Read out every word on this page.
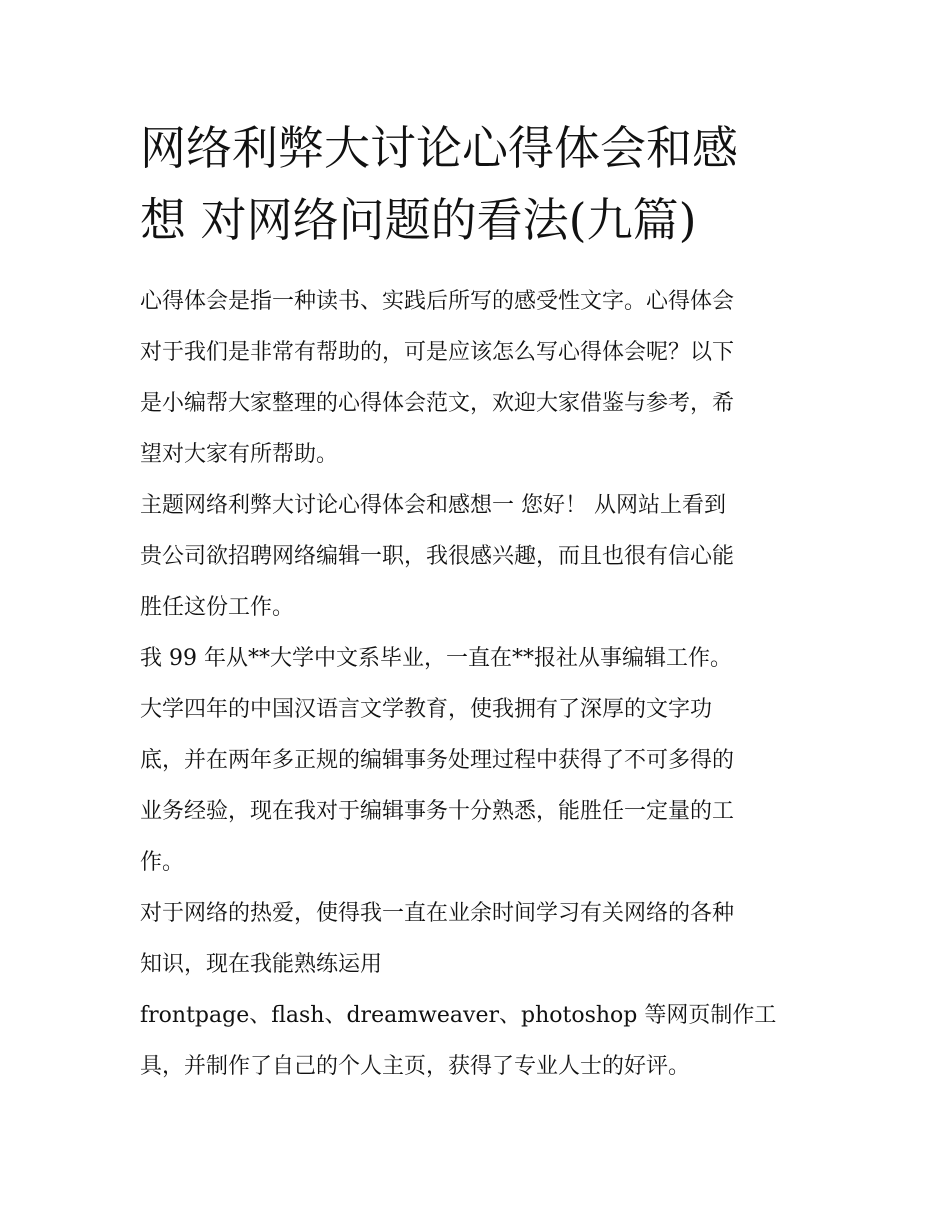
网络利弊大讨论心得体会和感
想 对网络问题的看法(九篇)

心得体会是指一种读书、实践后所写的感受性文字。心得体会
对于我们是非常有帮助的，可是应该怎么写心得体会呢？以下
是小编帮大家整理的心得体会范文，欢迎大家借鉴与参考，希
望对大家有所帮助。

主题网络利弊大讨论心得体会和感想一 您好！ 从网站上看到
贵公司欲招聘网络编辑一职，我很感兴趣，而且也很有信心能
胜任这份工作。

我 99 年从**大学中文系毕业，一直在**报社从事编辑工作。

大学四年的中国汉语言文学教育，使我拥有了深厚的文字功
底，并在两年多正规的编辑事务处理过程中获得了不可多得的
业务经验，现在我对于编辑事务十分熟悉，能胜任一定量的工
作。

对于网络的热爱，使得我一直在业余时间学习有关网络的各种
知识，现在我能熟练运用

frontpage、flash、dreamweaver、photoshop 等网页制作工
具，并制作了自己的个人主页，获得了专业人士的好评。
